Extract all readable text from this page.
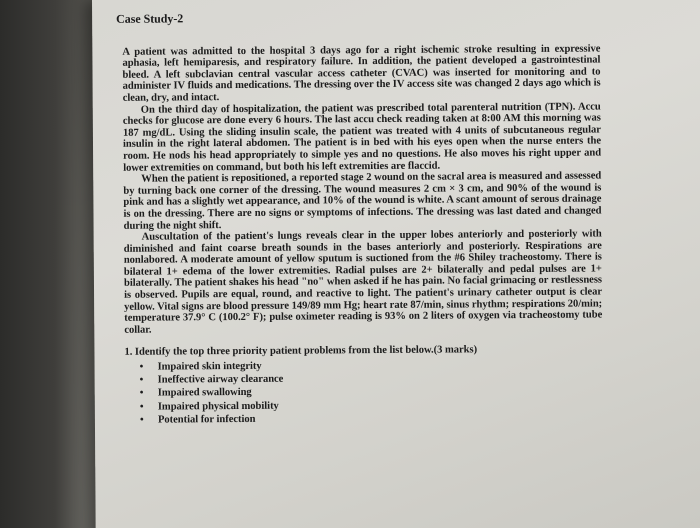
Case Study-2

A patient was admitted to the hospital 3 days ago for a right ischemic stroke resulting in expressive aphasia, left hemiparesis, and respiratory failure. In addition, the patient developed a gastrointestinal bleed. A left subclavian central vascular access catheter (CVAC) was inserted for monitoring and to administer IV fluids and medications. The dressing over the IV access site was changed 2 days ago which is clean, dry, and intact.

On the third day of hospitalization, the patient was prescribed total parenteral nutrition (TPN). Accu checks for glucose are done every 6 hours. The last accu check reading taken at 8:00 AM this morning was 187 mg/dL. Using the sliding insulin scale, the patient was treated with 4 units of subcutaneous regular insulin in the right lateral abdomen. The patient is in bed with his eyes open when the nurse enters the room. He nods his head appropriately to simple yes and no questions. He also moves his right upper and lower extremities on command, but both his left extremities are flaccid.

When the patient is repositioned, a reported stage 2 wound on the sacral area is measured and assessed by turning back one corner of the dressing. The wound measures 2 cm × 3 cm, and 90% of the wound is pink and has a slightly wet appearance, and 10% of the wound is white. A scant amount of serous drainage is on the dressing. There are no signs or symptoms of infections. The dressing was last dated and changed during the night shift.

Auscultation of the patient's lungs reveals clear in the upper lobes anteriorly and posteriorly with diminished and faint coarse breath sounds in the bases anteriorly and posteriorly. Respirations are nonlabored. A moderate amount of yellow sputum is suctioned from the #6 Shiley tracheostomy. There is bilateral 1+ edema of the lower extremities. Radial pulses are 2+ bilaterally and pedal pulses are 1+ bilaterally. The patient shakes his head "no" when asked if he has pain. No facial grimacing or restlessness is observed. Pupils are equal, round, and reactive to light. The patient's urinary catheter output is clear yellow. Vital signs are blood pressure 149/89 mm Hg; heart rate 87/min, sinus rhythm; respirations 20/min; temperature 37.9° C (100.2° F); pulse oximeter reading is 93% on 2 liters of oxygen via tracheostomy tube collar.

1. Identify the top three priority patient problems from the list below.(3 marks)
• Impaired skin integrity
• Ineffective airway clearance
• Impaired swallowing
• Impaired physical mobility
• Potential for infection
